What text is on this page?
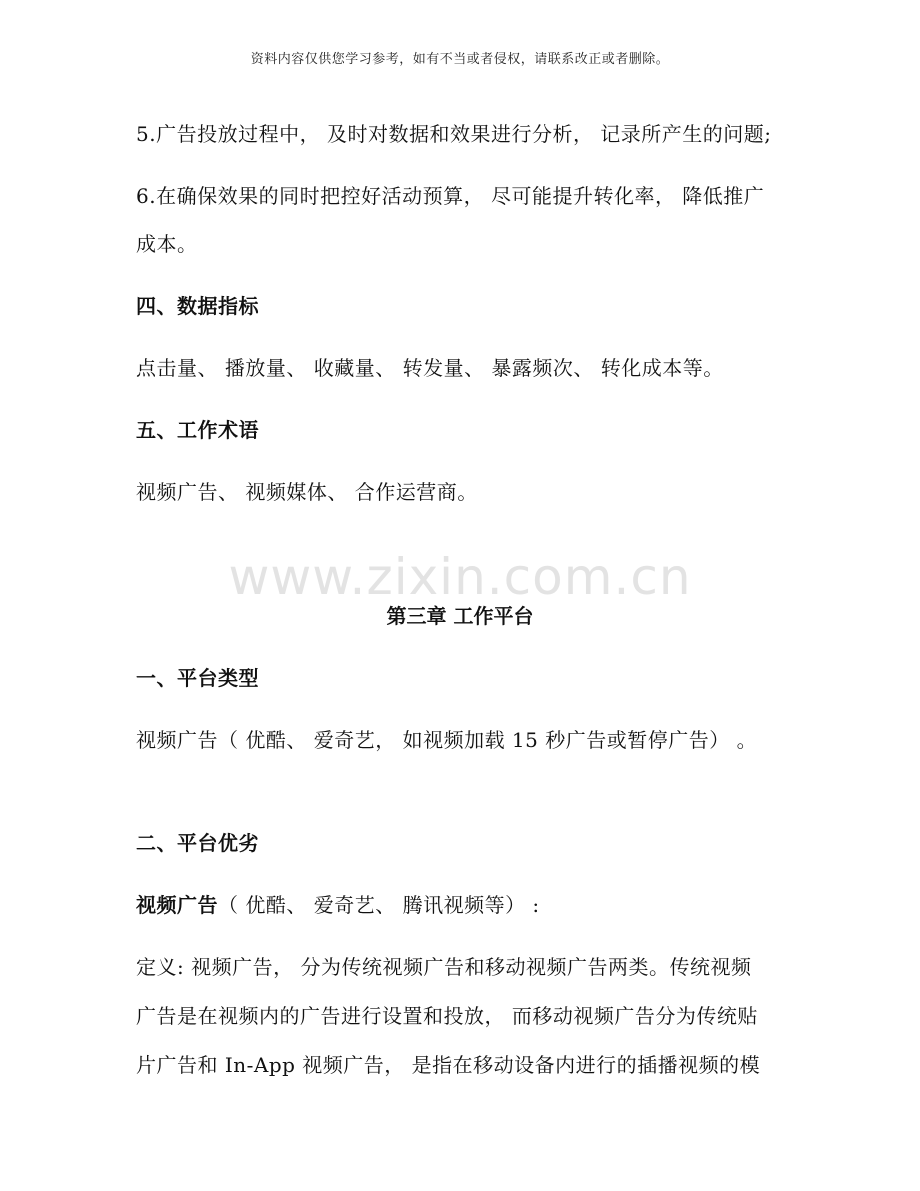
资料内容仅供您学习参考，如有不当或者侵权，请联系改正或者删除。
5.广告投放过程中， 及时对数据和效果进行分析， 记录所产生的问题;
6.在确保效果的同时把控好活动预算， 尽可能提升转化率， 降低推广
成本。
四、数据指标
点击量、 播放量、 收藏量、 转发量、 暴露频次、 转化成本等。
五、工作术语
视频广告、 视频媒体、 合作运营商。
www.zixin.com.cn
第三章 工作平台
一、平台类型
视频广告（ 优酷、 爱奇艺， 如视频加载 15 秒广告或暂停广告） 。
二、平台优劣
视频广告（ 优酷、 爱奇艺、 腾讯视频等） :
定义: 视频广告， 分为传统视频广告和移动视频广告两类。传统视频
广告是在视频内的广告进行设置和投放， 而移动视频广告分为传统贴
片广告和 In-App 视频广告， 是指在移动设备内进行的插播视频的模
